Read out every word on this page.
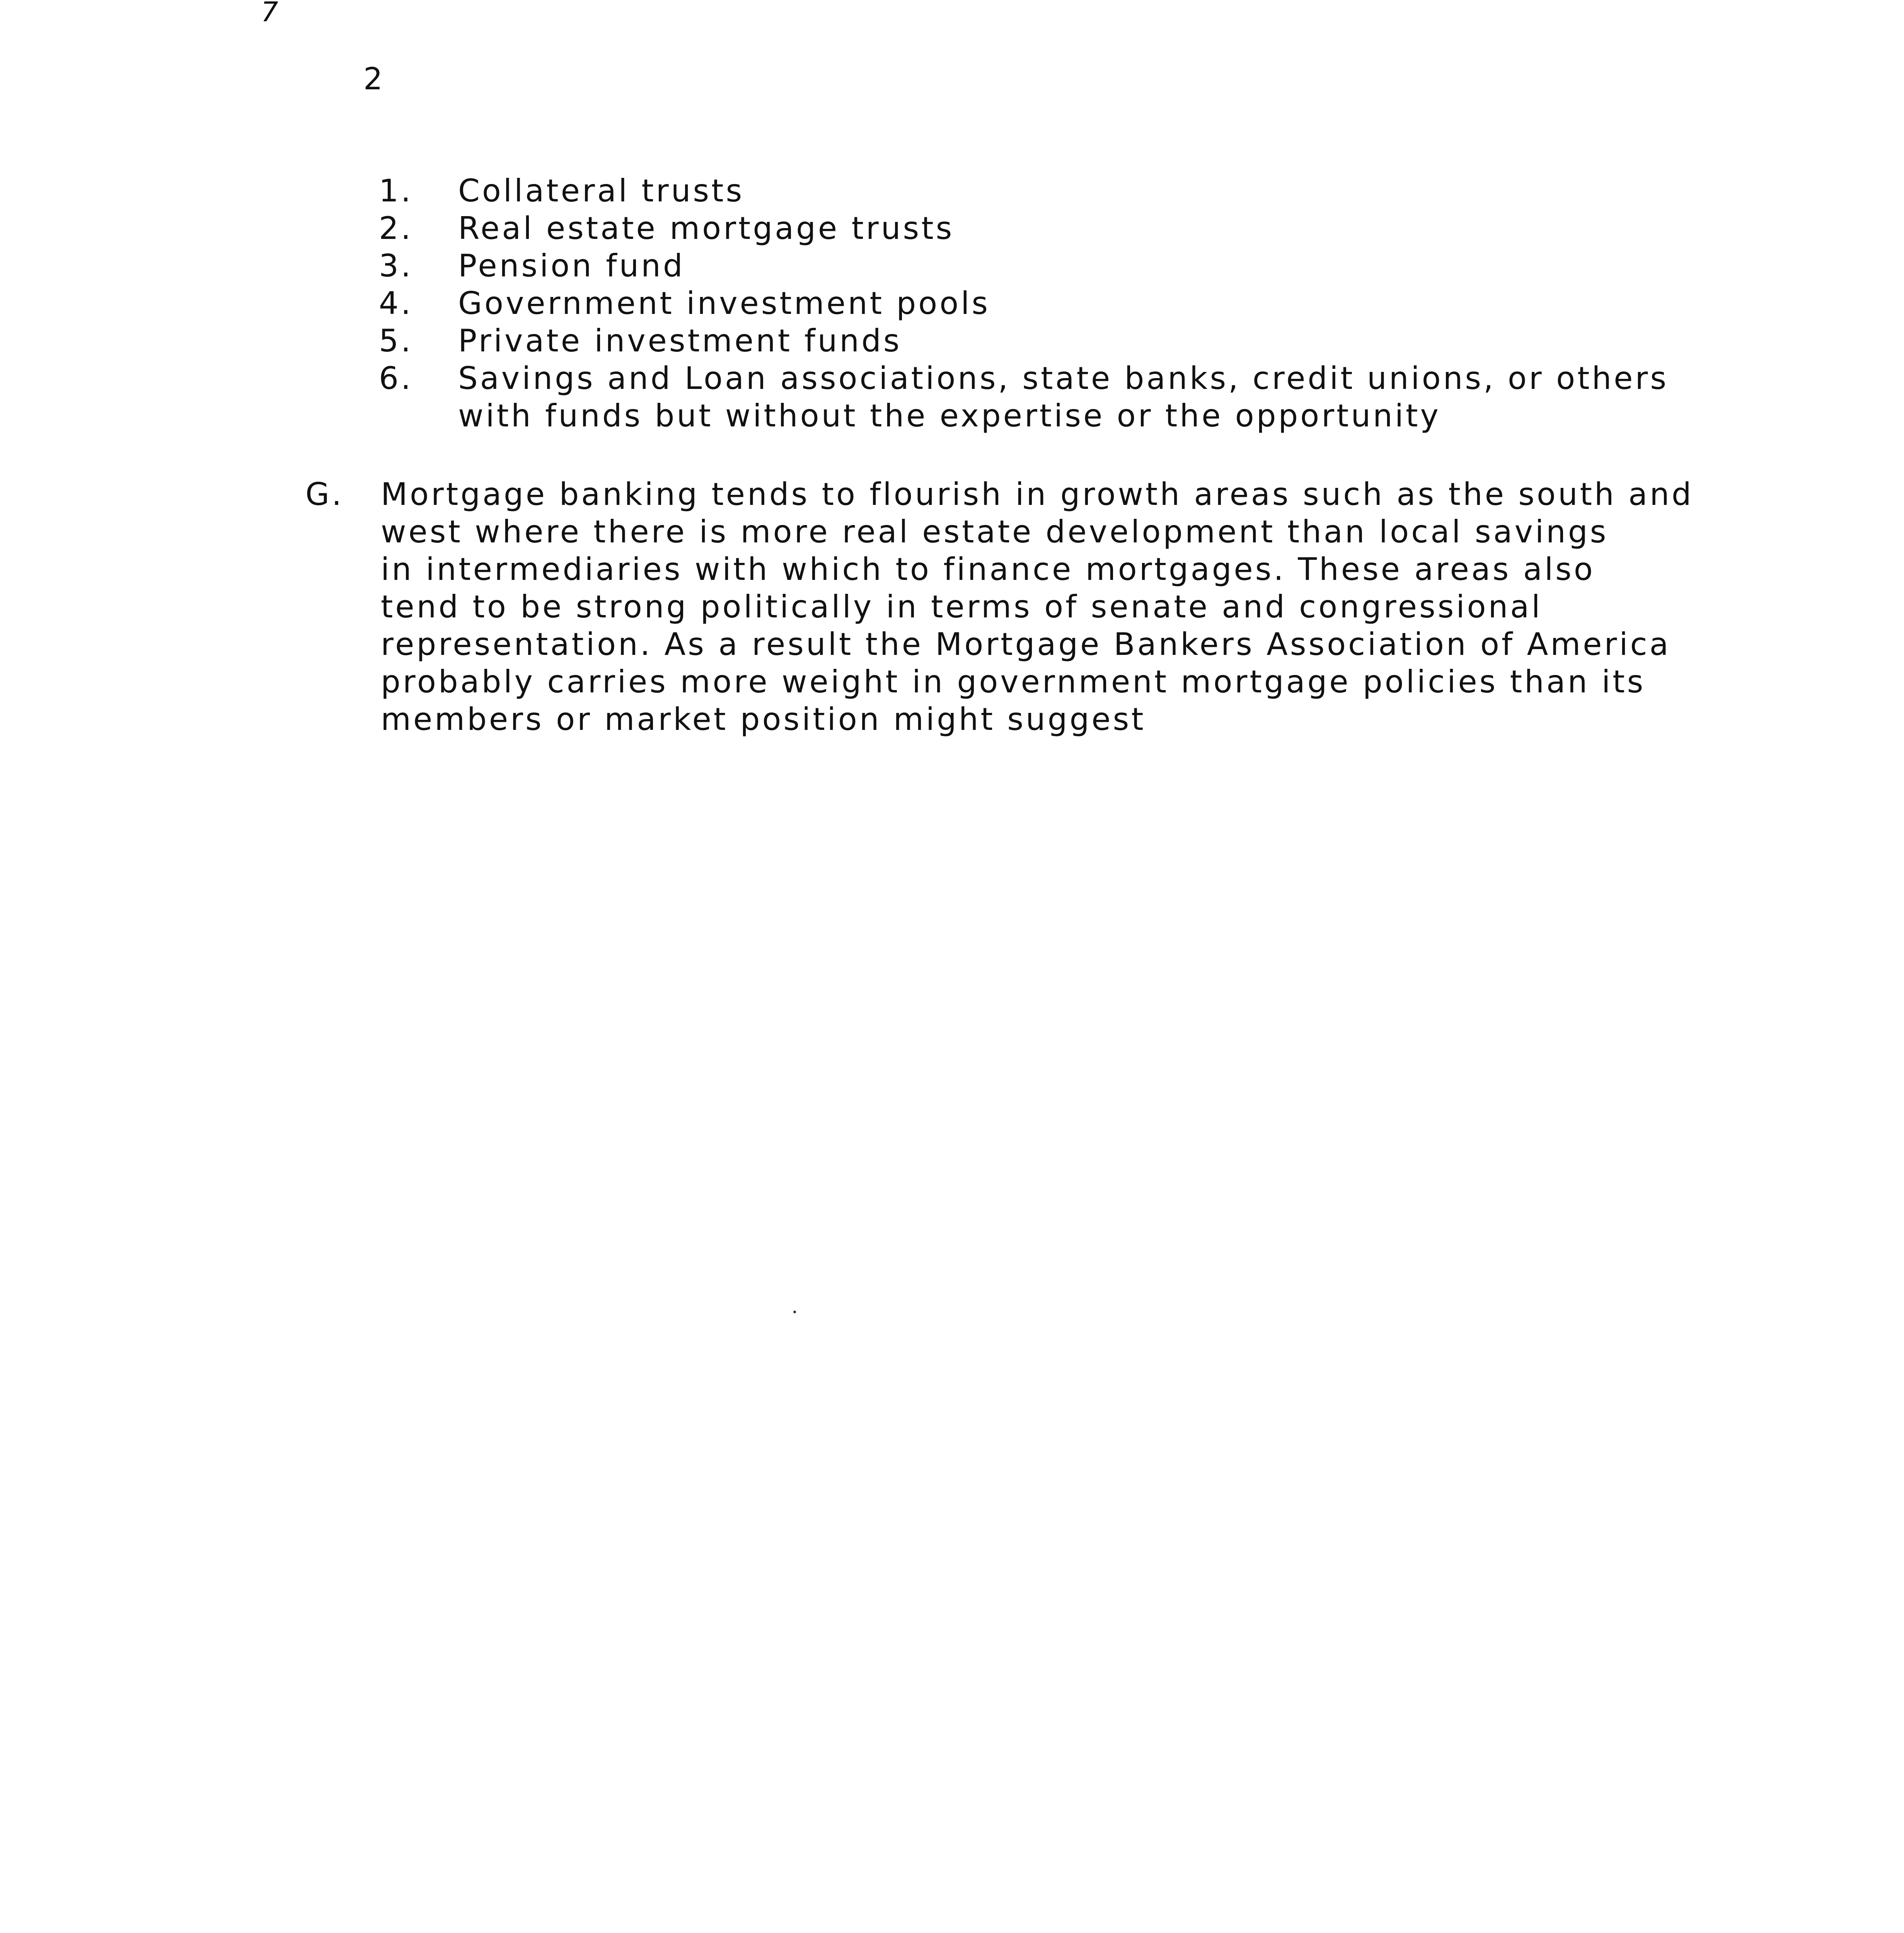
7
2
1.	Collateral trusts
2.	Real estate mortgage trusts
3.	Pension fund
4.	Government investment pools
5.	Private investment funds
6.	Savings and Loan associations, state banks, credit unions, or others
with funds but without the expertise or the opportunity
G.	Mortgage banking tends to flourish in growth areas such as the south and
west where there is more real estate development than local savings
in intermediaries with which to finance mortgages. These areas also
tend to be strong politically in terms of senate and congressional
representation. As a result the Mortgage Bankers Association of America
probably carries more weight in government mortgage policies than its
members or market position might suggest
